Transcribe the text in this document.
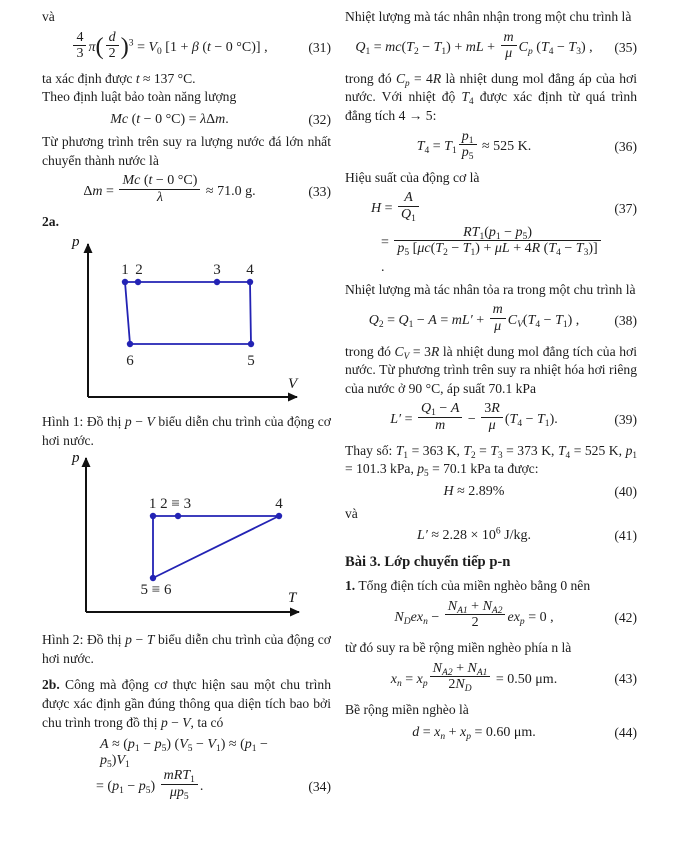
và

$\frac{4}{3} \pi( \frac{d}{2} )^3 = V_0$ [1 + β (t − 0 °C)] ,	(31)

ta xác định được t ≈ 137 °C.

Theo định luật bảo toàn năng lượng

Mc (t − 0 °C) = λΔm.	(32)

Từ phương trình trên suy ra lượng nước đá lớn nhất chuyển thành nước là

$\Delta m = \frac{Mc (t - 0 ^\circ C)}{\lambda} \approx 71.0$ g.	(33)

2a.

1 2	3 4
6	5
V
p
Hình 1: Đồ thị p − V biểu diễn chu trình của động cơ hơi nước.
1 2 ≡ 3	4
5 ≡ 6	T
p
Hình 2: Đồ thị p − T biểu diễn chu trình của động cơ hơi nước.

2b. Công mà động cơ thực hiện sau một chu trình được xác định gần đúng thông qua diện tích bao bởi chu trình trong đồ thị p − V, ta có

$A \approx (p_1 - p_5) (V_5 - V_1) \approx (p_1 - p_5)V_1$
= $(p_1 - p_5) \frac{mRT_1}{\mu p_5}$ .	(34)

Nhiệt lượng mà tác nhân nhận trong một chu trình là

$Q_1 = mc(T_2 - T_1)$ + mL + $\frac{m}{\mu} C_p$ $(T_4 - T_3)$ , (35)

trong đó $C_p = 4R$ là nhiệt dung mol đẳng áp của hơi nước. Với nhiệt độ $T_4$ được xác định từ quá trình đẳng tích 4 → 5:

$T_4 = T_1 \frac{p_1}{p_5} \approx 525$ K.	(36)

Hiệu suất của động cơ là

$H = \frac{A}{Q_1}$	(37)
= $\frac{RT_1(p_1 - p_5)}{p_5 [\mu c(T_2 - T_1) + \mu L + 4R (T_4 - T_3)]}$
.

Nhiệt lượng mà tác nhân tỏa ra trong một chu trình là

$Q_2 = Q_1 - A = mL' + \frac{m}{\mu} C_V(T_4 - T_1)$ ,	(38)

trong đó $C_V = 3R$ là nhiệt dung mol đẳng tích của hơi nước. Từ phương trình trên suy ra nhiệt hóa hơi riêng của nước ở 90 °C, áp suất 70.1 kPa

$L' = \frac{Q_1 - A}{m} - \frac{3R}{\mu} (T_4 - T_1)$.	(39)

Thay số: $T_1 = 363$ K, $T_2 = T_3 = 373$ K, $T_4 = 525$ K, $p_1 = 101.3$ kPa, $p_5 = 70.1$ kPa ta được:

H ≈ 2.89%	(40)

và

$L' \approx 2.28 \times 10^6$ J/kg.	(41)
Bài 3. Lớp chuyển tiếp p-n

1. Tổng điện tích của miền nghèo bằng 0 nên

$N_Dex_n - \frac{N_{A1} + N_{A2}}{2} ex_p = 0$ ,	(42)

từ đó suy ra bề rộng miền nghèo phía n là

$x_n = x_p \frac{N_{A2} + N_{A1}}{2N_D} = 0.50$ μm.	(43)

Bề rộng miền nghèo là

$d = x_n + x_p = 0.60$ μm.	(44)
